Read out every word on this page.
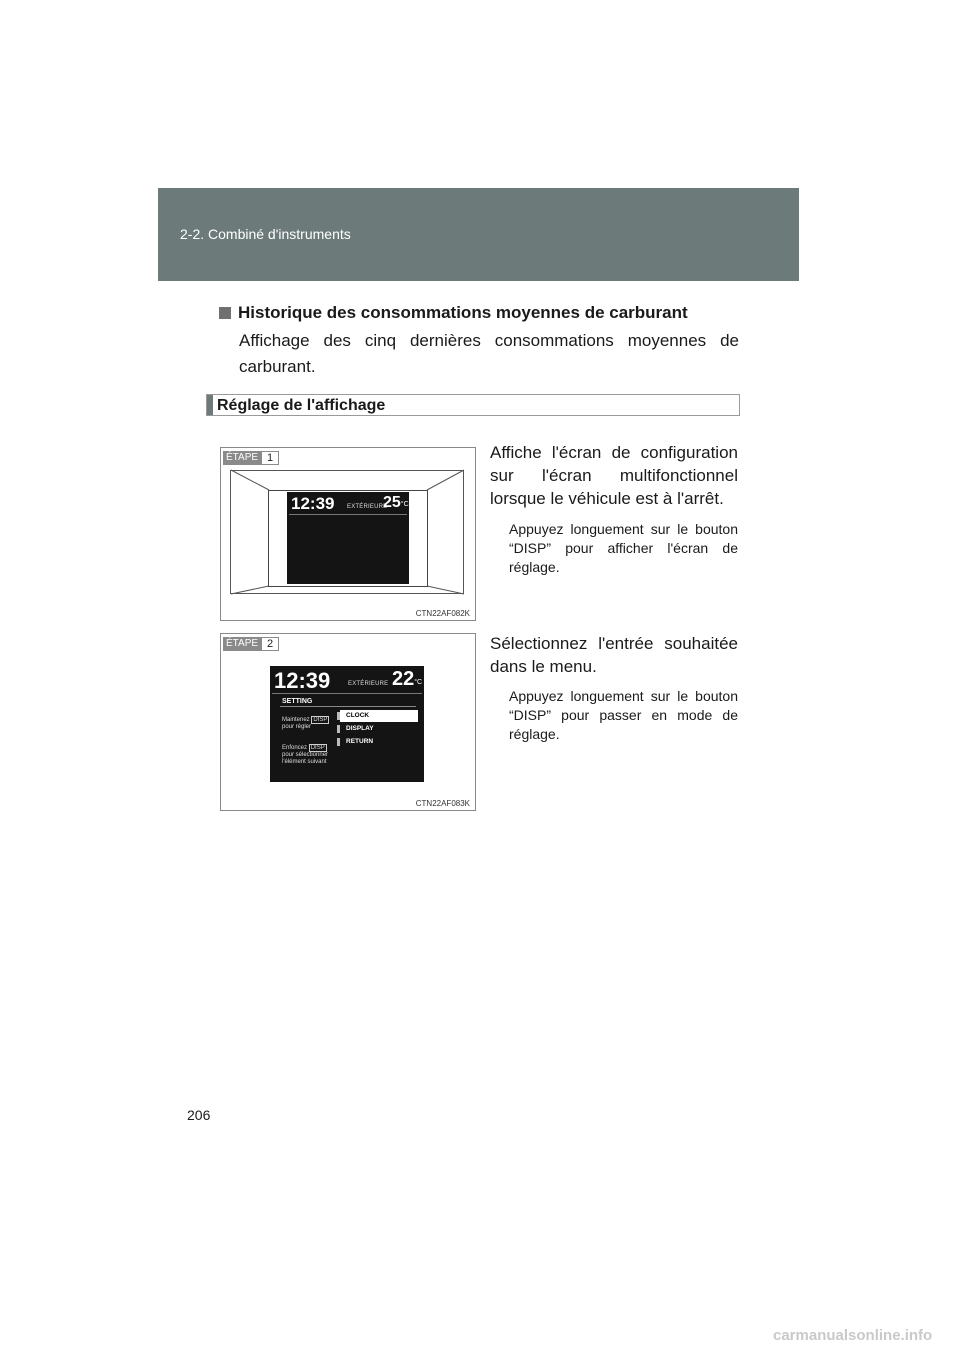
2-2. Combiné d'instruments
Historique des consommations moyennes de carburant
Affichage des cinq dernières consommations moyennes de carburant.
Réglage de l'affichage
12:39 EXTÉRIEURE
25°C
ÉTAPE 1
CTN22AF082K
Affiche l'écran de configuration sur l'écran multifonctionnel lorsque le véhicule est à l'arrêt.
Appuyez longuement sur le bouton “DISP” pour afficher l'écran de réglage.
12:39	EXTÉRIEURE 22°C
SETTING
Maintenez DISP
pour régler
Enfoncez DISP
pour sélectionner
l'élément suivant
CLOCK
DISPLAY
RETURN
ÉTAPE 2
CTN22AF083K
Sélectionnez l'entrée souhaitée dans le menu.
Appuyez longuement sur le bouton “DISP” pour passer en mode de réglage.
206
carmanualsonline.info
